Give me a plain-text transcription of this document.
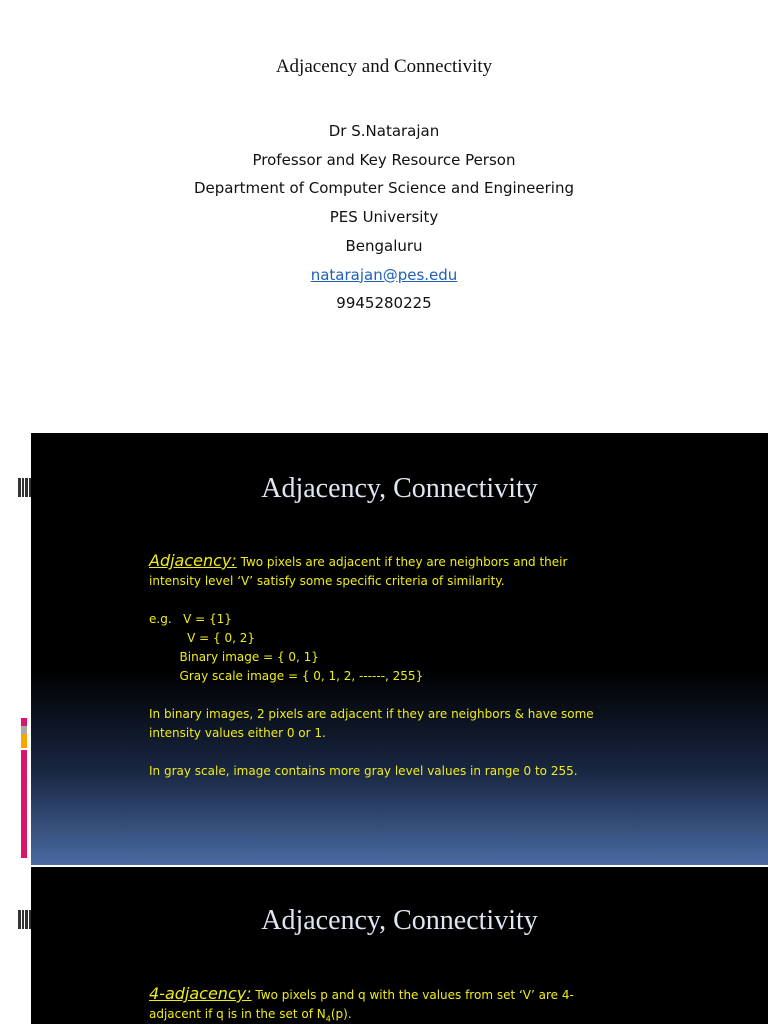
Adjacency and Connectivity
Dr S.Natarajan
Professor and Key Resource Person
Department of Computer Science and Engineering
PES University
Bengaluru
natarajan@pes.edu
9945280225
Adjacency, Connectivity
Adjacency: Two pixels are adjacent if they are neighbors and their intensity level ‘V’ satisfy some specific criteria of similarity.
e.g.   V = {1}
V = { 0, 2}
Binary image = { 0, 1}
Gray scale image = { 0, 1, 2, ------, 255}
In binary images, 2 pixels are adjacent if they are neighbors & have some intensity values either 0 or 1.
In gray scale, image contains more gray level values in range 0 to 255.
Adjacency, Connectivity
4-adjacency: Two pixels p and q with the values from set ‘V’ are 4-adjacent if q is in the set of $N_4(p)$.
